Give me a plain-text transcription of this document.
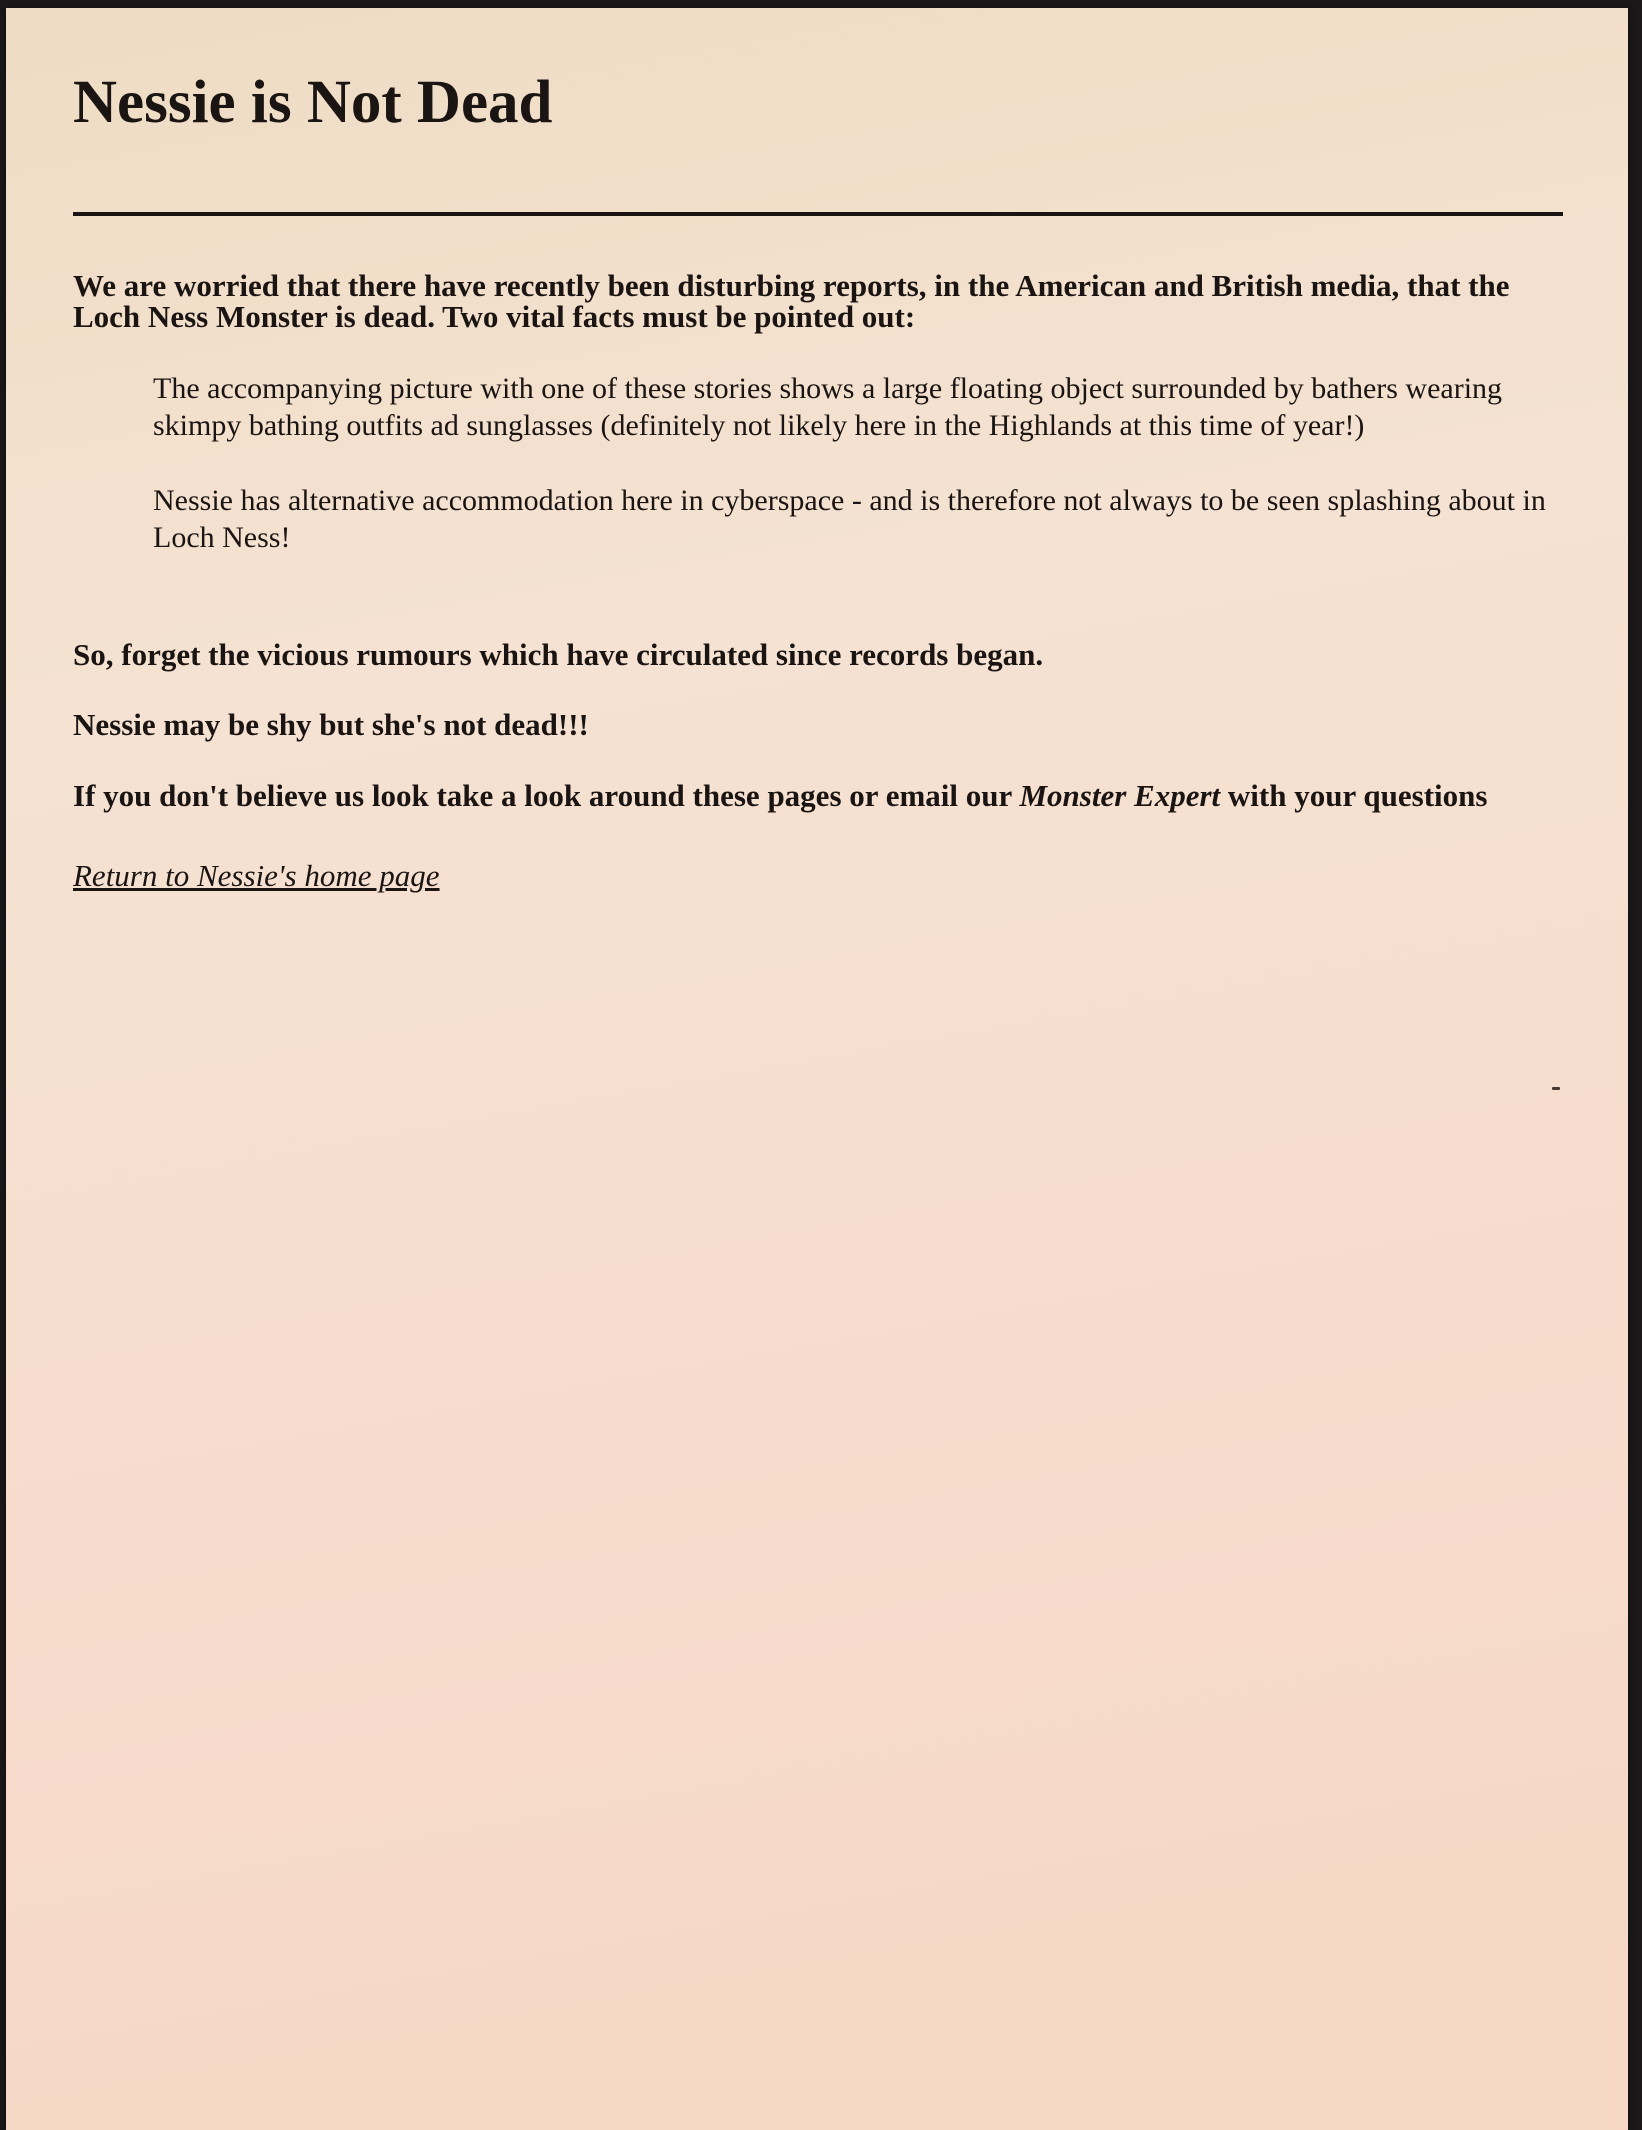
Nessie is Not Dead

We are worried that there have recently been disturbing reports, in the American and British media, that the Loch Ness Monster is dead. Two vital facts must be pointed out:

The accompanying picture with one of these stories shows a large floating object surrounded by bathers wearing skimpy bathing outfits ad sunglasses (definitely not likely here in the Highlands at this time of year!)
Nessie has alternative accommodation here in cyberspace - and is therefore not always to be seen splashing about in Loch Ness!

So, forget the vicious rumours which have circulated since records began.

Nessie may be shy but she's not dead!!!

If you don't believe us look take a look around these pages or email our Monster Expert with your questions

Return to Nessie's home page
